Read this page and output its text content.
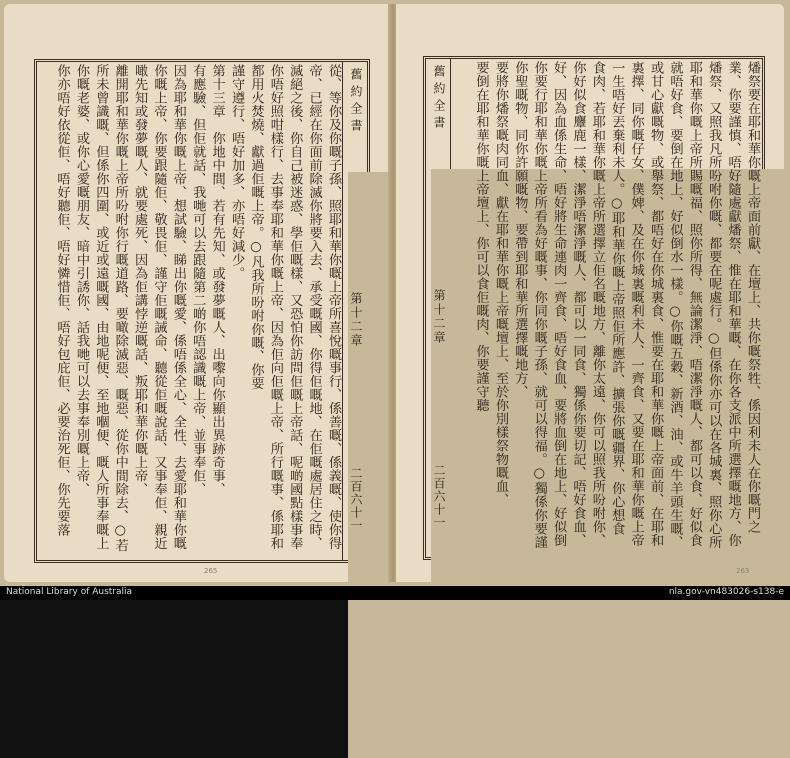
舊約全書
第十二章
二百六十一
從、等你及你嘅子孫、照耶和華你嘅上帝所喜悅嘅事行、係善嘅、係義嘅、使你得
帝、已經在你面前除滅你將要入去、承受嘅國、你得佢嘅地、在佢嘅處居住之時、
滅絕之後、你自己被迷惑、學佢嘅樣、又恐怕你訪問佢嘅上帝話、呢啲國點樣事奉
你唔好照咁樣行、去事奉耶和華你嘅上帝、因為佢向佢嘅上帝、所行嘅事、係耶和
都用火焚燒、獻過佢嘅上帝。○凡我所吩咐你嘅、你要
謹守遵行、唔好加多、亦唔好減少。
第十三章　你地中間、若有先知、或發夢嘅人、出嚟向你顯出異跡奇事、
有應驗、但佢就話、我哋可以去跟隨第二啲你唔認識嘅上帝、並事奉佢、
因為耶和華你嘅上帝、想試驗、睇出你嘅愛、係唔係全心、全性、去愛耶和華你嘅
你嘅上帝、你要跟隨佢、敬畏佢、謹守佢嘅誡命、聽從佢嘅說話、又事奉佢、親近
噉先知或發夢嘅人、就要處死、因為佢講悖逆嘅話、叛耶和華你嘅上帝、
離開耶和華你嘅上帝所吩咐你行嘅道路、要噉除滅惡、嘅惡、從你中間除去、○若
所未曾識嘅、但係你四圍、或近或遠嘅國、由地呢便、至地嗰便、嘅人所事奉嘅上
你嘅老婆、或你心愛嘅朋友、暗中引誘你、話我哋可以去事奉別嘅上帝、
你亦唔好依從佢、唔好聽佢、唔好憐惜佢、唔好包庇佢、必要治死佢、你先要落
265
舊約全書
第十二章
二百六十一
燔祭要在耶和華你嘅上帝面前獻、在壇上、共你嘅祭牲、係因利未人在你嘅門之
業、你要謹慎、唔好隨處獻燔祭、惟在耶和華嘅、在你各支派中所選擇嘅地方、你
燔祭、又照我凡所吩咐你嘅、都要在呢處行。○但係你亦可以在各城裏、照你心所
耶和華你嘅上帝所賜嘅福、照你所得、無論潔淨、唔潔淨嘅人、都可以食、好似食
就唔好食、要倒在地上、好似倒水一樣。○你嘅五穀、新酒、油、或牛羊頭生嘅、
或甘心獻嘅物、或舉祭、都唔好在你城裏食、惟要在耶和華你嘅上帝面前、在耶和
裏擇、同你嘅仔女、僕婢、及在你城裏嘅利未人、一齊食、又要在耶和華你嘅上帝
一生唔好丟棄利未人。○耶和華你嘅上帝照佢所應許、擴張你嘅疆界、你心想食
食肉、若耶和華你嘅上帝所選擇立佢名嘅地方、離你太遠、你可以照我所吩咐你、
你好似食麞鹿一樣、潔淨唔潔淨嘅人、都可以一同食、獨係你要切記、唔好食血、
好、因為血係生命、唔好將生命連肉一齊食、唔好食血、要將血倒在地上、好似倒
你要行耶和華你嘅上帝所看為好嘅事、你同你嘅子孫、就可以得福。○獨係你要謹
你聖嘅物、同你許願嘅物、要帶到耶和華所選擇嘅地方、
要將你燔祭嘅肉同血、獻在耶和華你嘅上帝嘅壇上、至於你別樣祭物嘅血、
要倒在耶和華你嘅上帝壇上、你可以食佢嘅肉、你要謹守聽
263
National Library of Australia	nla.gov-vn483026-s138-e
